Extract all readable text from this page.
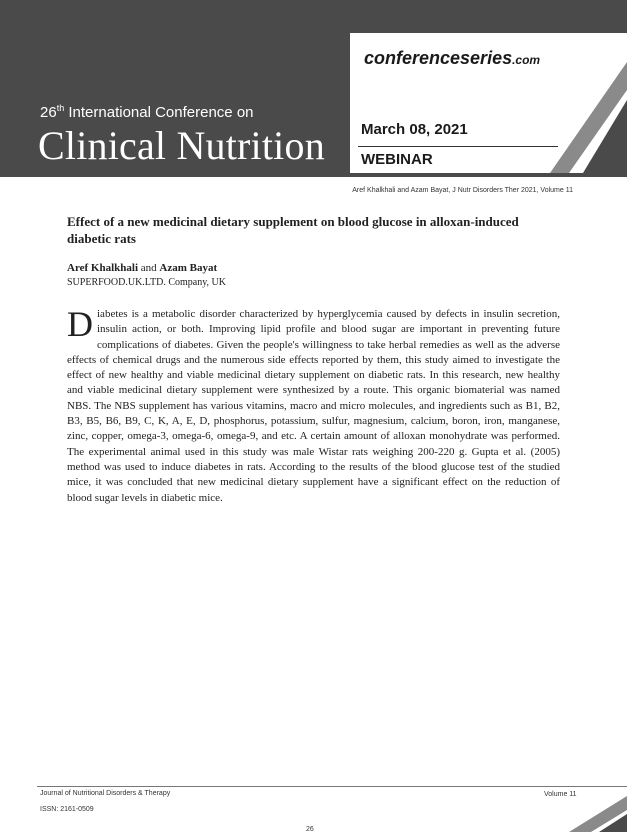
26th International Conference on
Clinical Nutrition
conferenceseries.com
March 08, 2021
WEBINAR
Aref Khalkhali and Azam Bayat, J Nutr Disorders Ther 2021, Volume 11
Effect of a new medicinal dietary supplement on blood glucose in alloxan-induced diabetic rats
Aref Khalkhali and Azam Bayat
SUPERFOOD.UK.LTD. Company, UK

Diabetes is a metabolic disorder characterized by hyperglycemia caused by defects in insulin secretion, insulin action, or both. Improving lipid profile and blood sugar are important in preventing future complications of diabetes. Given the people's willingness to take herbal remedies as well as the adverse effects of chemical drugs and the numerous side effects reported by them, this study aimed to investigate the effect of new healthy and viable medicinal dietary supplement on diabetic rats. In this research, new healthy and viable medicinal dietary supplement were synthesized by a route. This organic biomaterial was named NBS. The NBS supplement has various vitamins, macro and micro molecules, and ingredients such as B1, B2, B3, B5, B6, B9, C, K, A, E, D, phosphorus, potassium, sulfur, magnesium, calcium, boron, iron, manganese, zinc, copper, omega-3, omega-6, omega-9, and etc. A certain amount of alloxan monohydrate was performed. The experimental animal used in this study was male Wistar rats weighing 200-220 g. Gupta et al. (2005) method was used to induce diabetes in rats. According to the results of the blood glucose test of the studied mice, it was concluded that new medicinal dietary supplement have a significant effect on the reduction of blood sugar levels in diabetic mice.

Journal of Nutritional Disorders & Therapy
ISSN: 2161-0509
Volume 11
26
